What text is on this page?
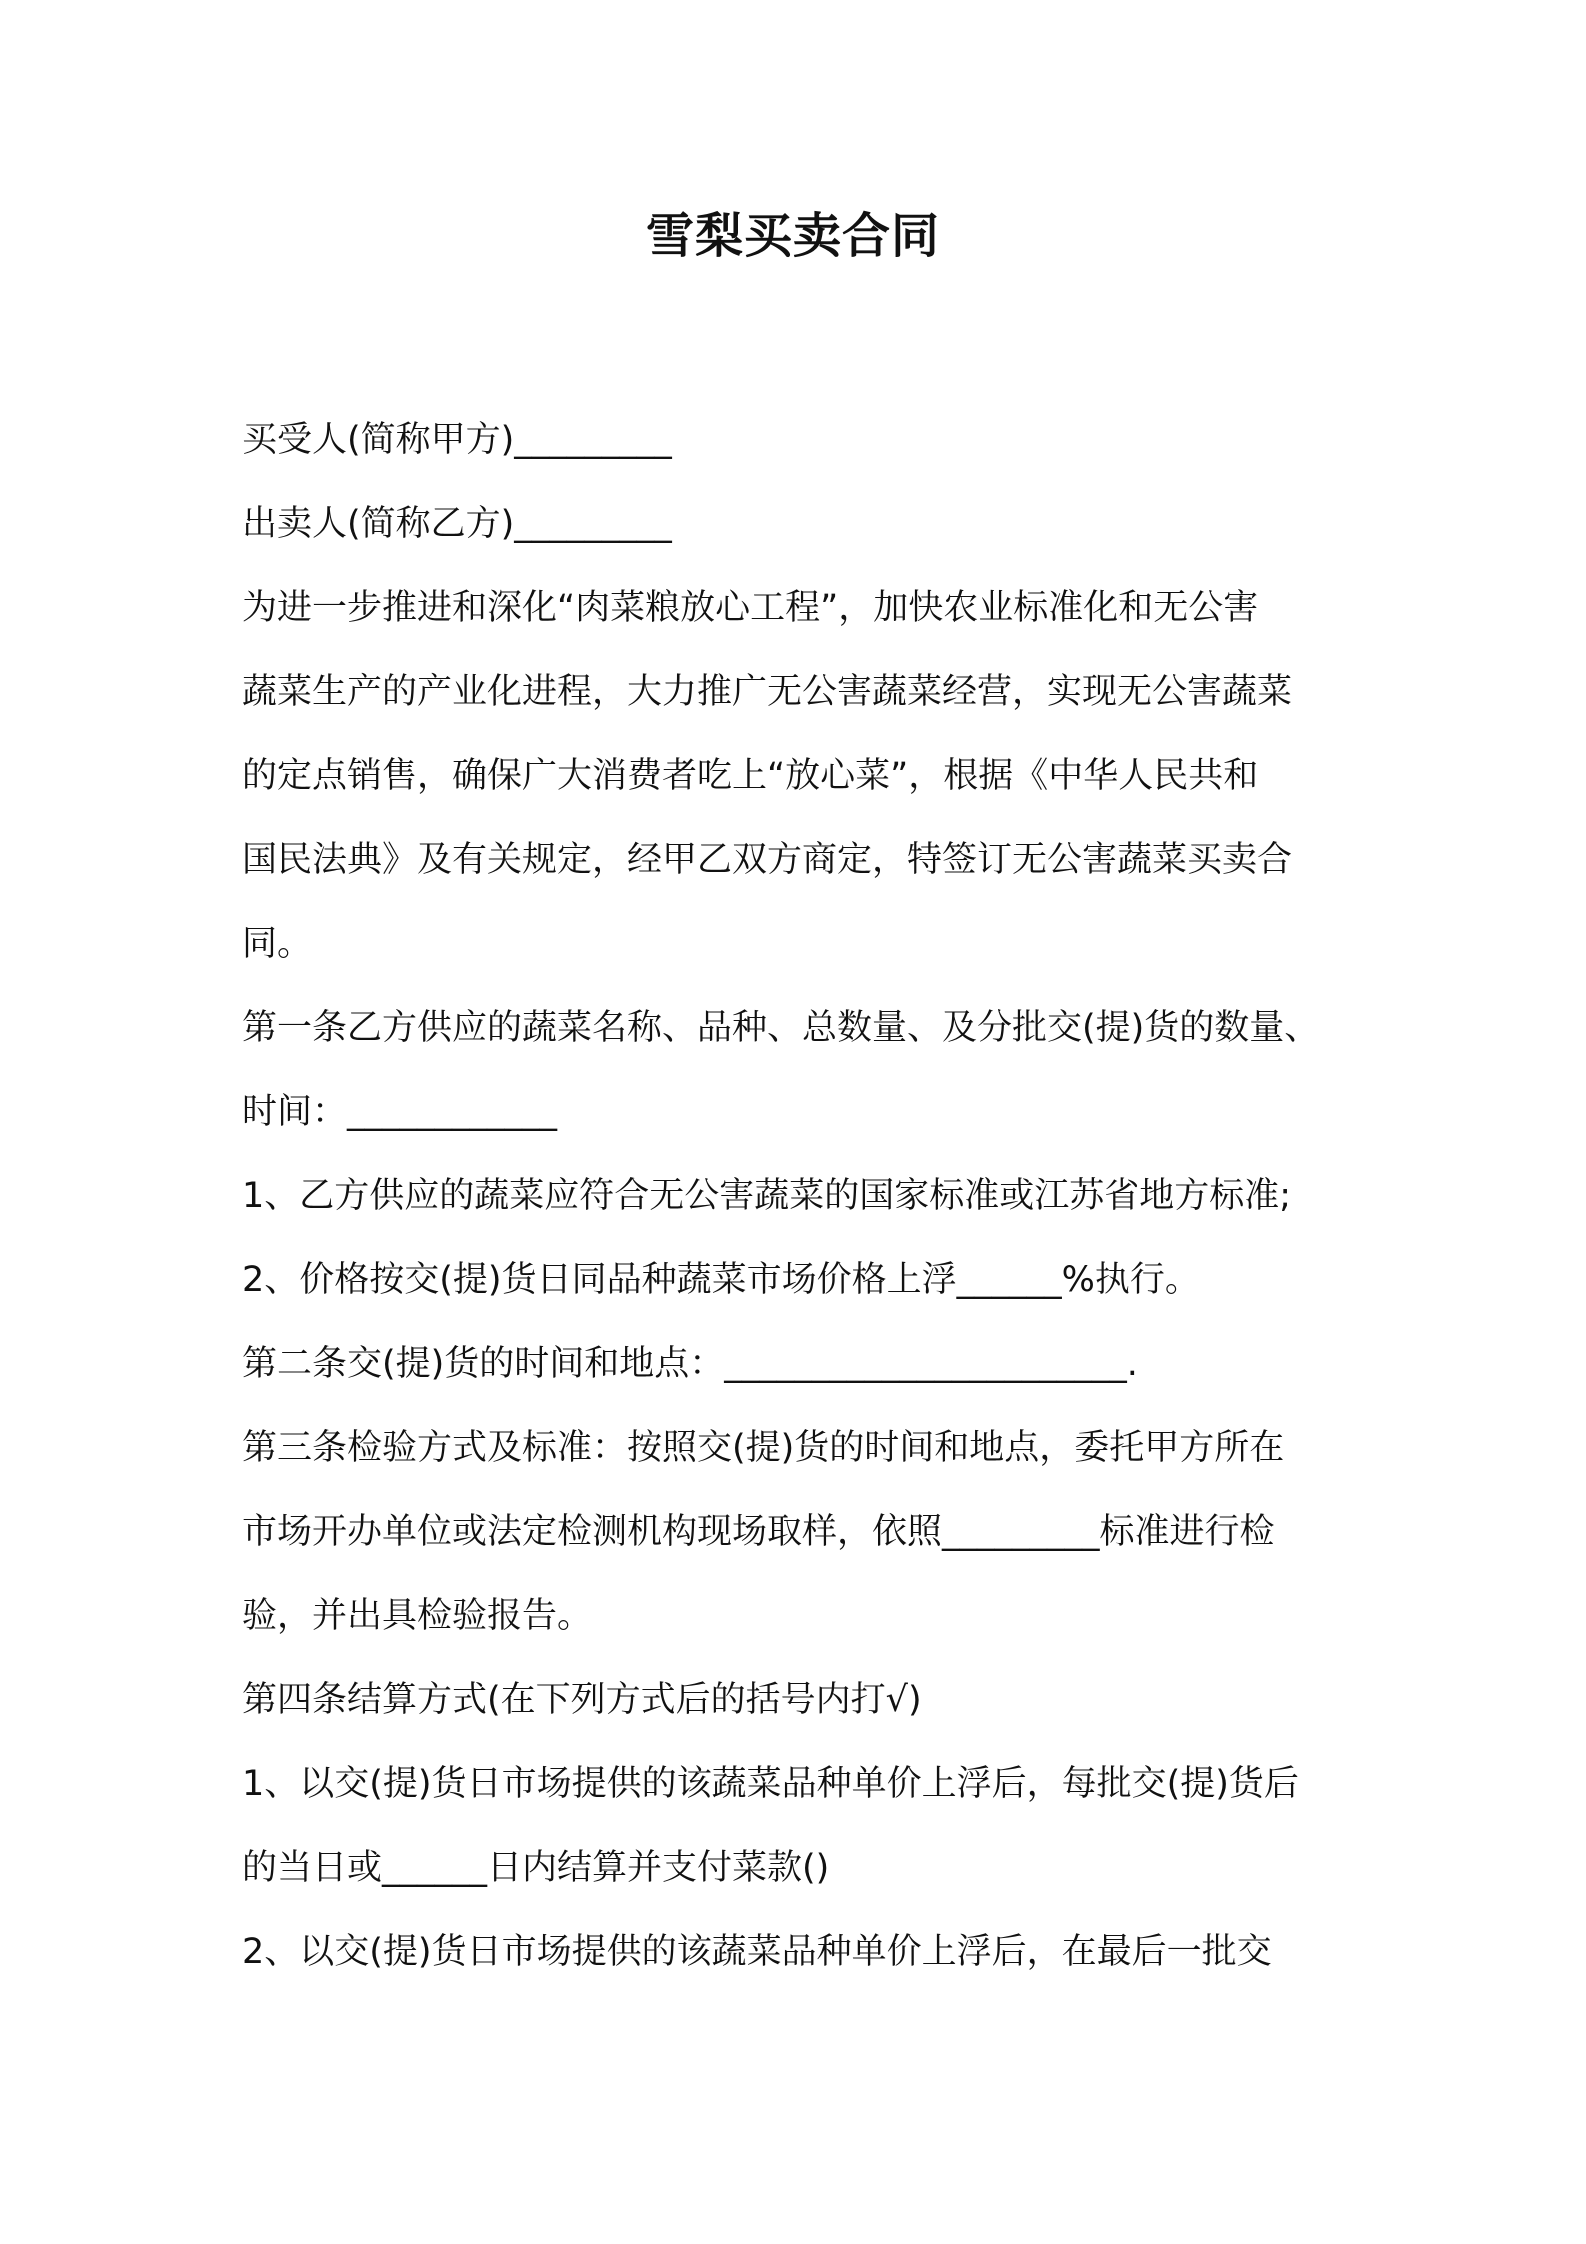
雪梨买卖合同
买受人(简称甲方)_________
出卖人(简称乙方)_________
为进一步推进和深化“肉菜粮放心工程”，加快农业标准化和无公害
蔬菜生产的产业化进程，大力推广无公害蔬菜经营，实现无公害蔬菜
的定点销售，确保广大消费者吃上“放心菜”，根据《中华人民共和
国民法典》及有关规定，经甲乙双方商定，特签订无公害蔬菜买卖合
同。
第一条乙方供应的蔬菜名称、品种、总数量、及分批交(提)货的数量、
时间：____________
1、乙方供应的蔬菜应符合无公害蔬菜的国家标准或江苏省地方标准;
2、价格按交(提)货日同品种蔬菜市场价格上浮______%执行。
第二条交(提)货的时间和地点：_______________________.
第三条检验方式及标准：按照交(提)货的时间和地点，委托甲方所在
市场开办单位或法定检测机构现场取样，依照_________标准进行检
验，并出具检验报告。
第四条结算方式(在下列方式后的括号内打√)
1、以交(提)货日市场提供的该蔬菜品种单价上浮后，每批交(提)货后
的当日或______日内结算并支付菜款()
2、以交(提)货日市场提供的该蔬菜品种单价上浮后，在最后一批交
